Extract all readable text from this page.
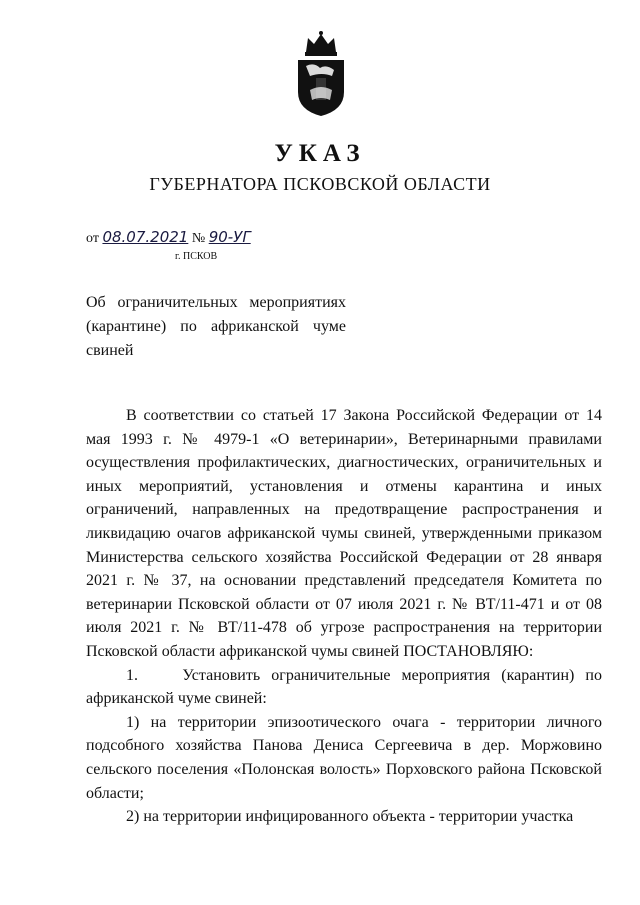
УКАЗ
ГУБЕРНАТОРА ПСКОВСКОЙ ОБЛАСТИ
от 08.07.2021 № 90-УГ
г. ПСКОВ
Об ограничительных мероприятиях (карантине) по африканской чуме свиней

В соответствии со статьей 17 Закона Российской Федерации от 14 мая 1993 г. № 4979-1 «О ветеринарии», Ветеринарными правилами осуществления профилактических, диагностических, ограничительных и иных мероприятий, установления и отмены карантина и иных ограничений, направленных на предотвращение распространения и ликвидацию очагов африканской чумы свиней, утвержденными приказом Министерства сельского хозяйства Российской Федерации от 28 января 2021 г. № 37, на основании представлений председателя Комитета по ветеринарии Псковской области от 07 июля 2021 г. № ВТ/11-471 и от 08 июля 2021 г. № ВТ/11-478 об угрозе распространения на территории Псковской области африканской чумы свиней ПОСТАНОВЛЯЮ:

1.    Установить ограничительные мероприятия (карантин) по африканской чуме свиней:

1) на территории эпизоотического очага - территории личного подсобного хозяйства Панова Дениса Сергеевича в дер. Моржовино сельского поселения «Полонская волость» Порховского района Псковской области;

2) на территории инфицированного объекта - территории участка
